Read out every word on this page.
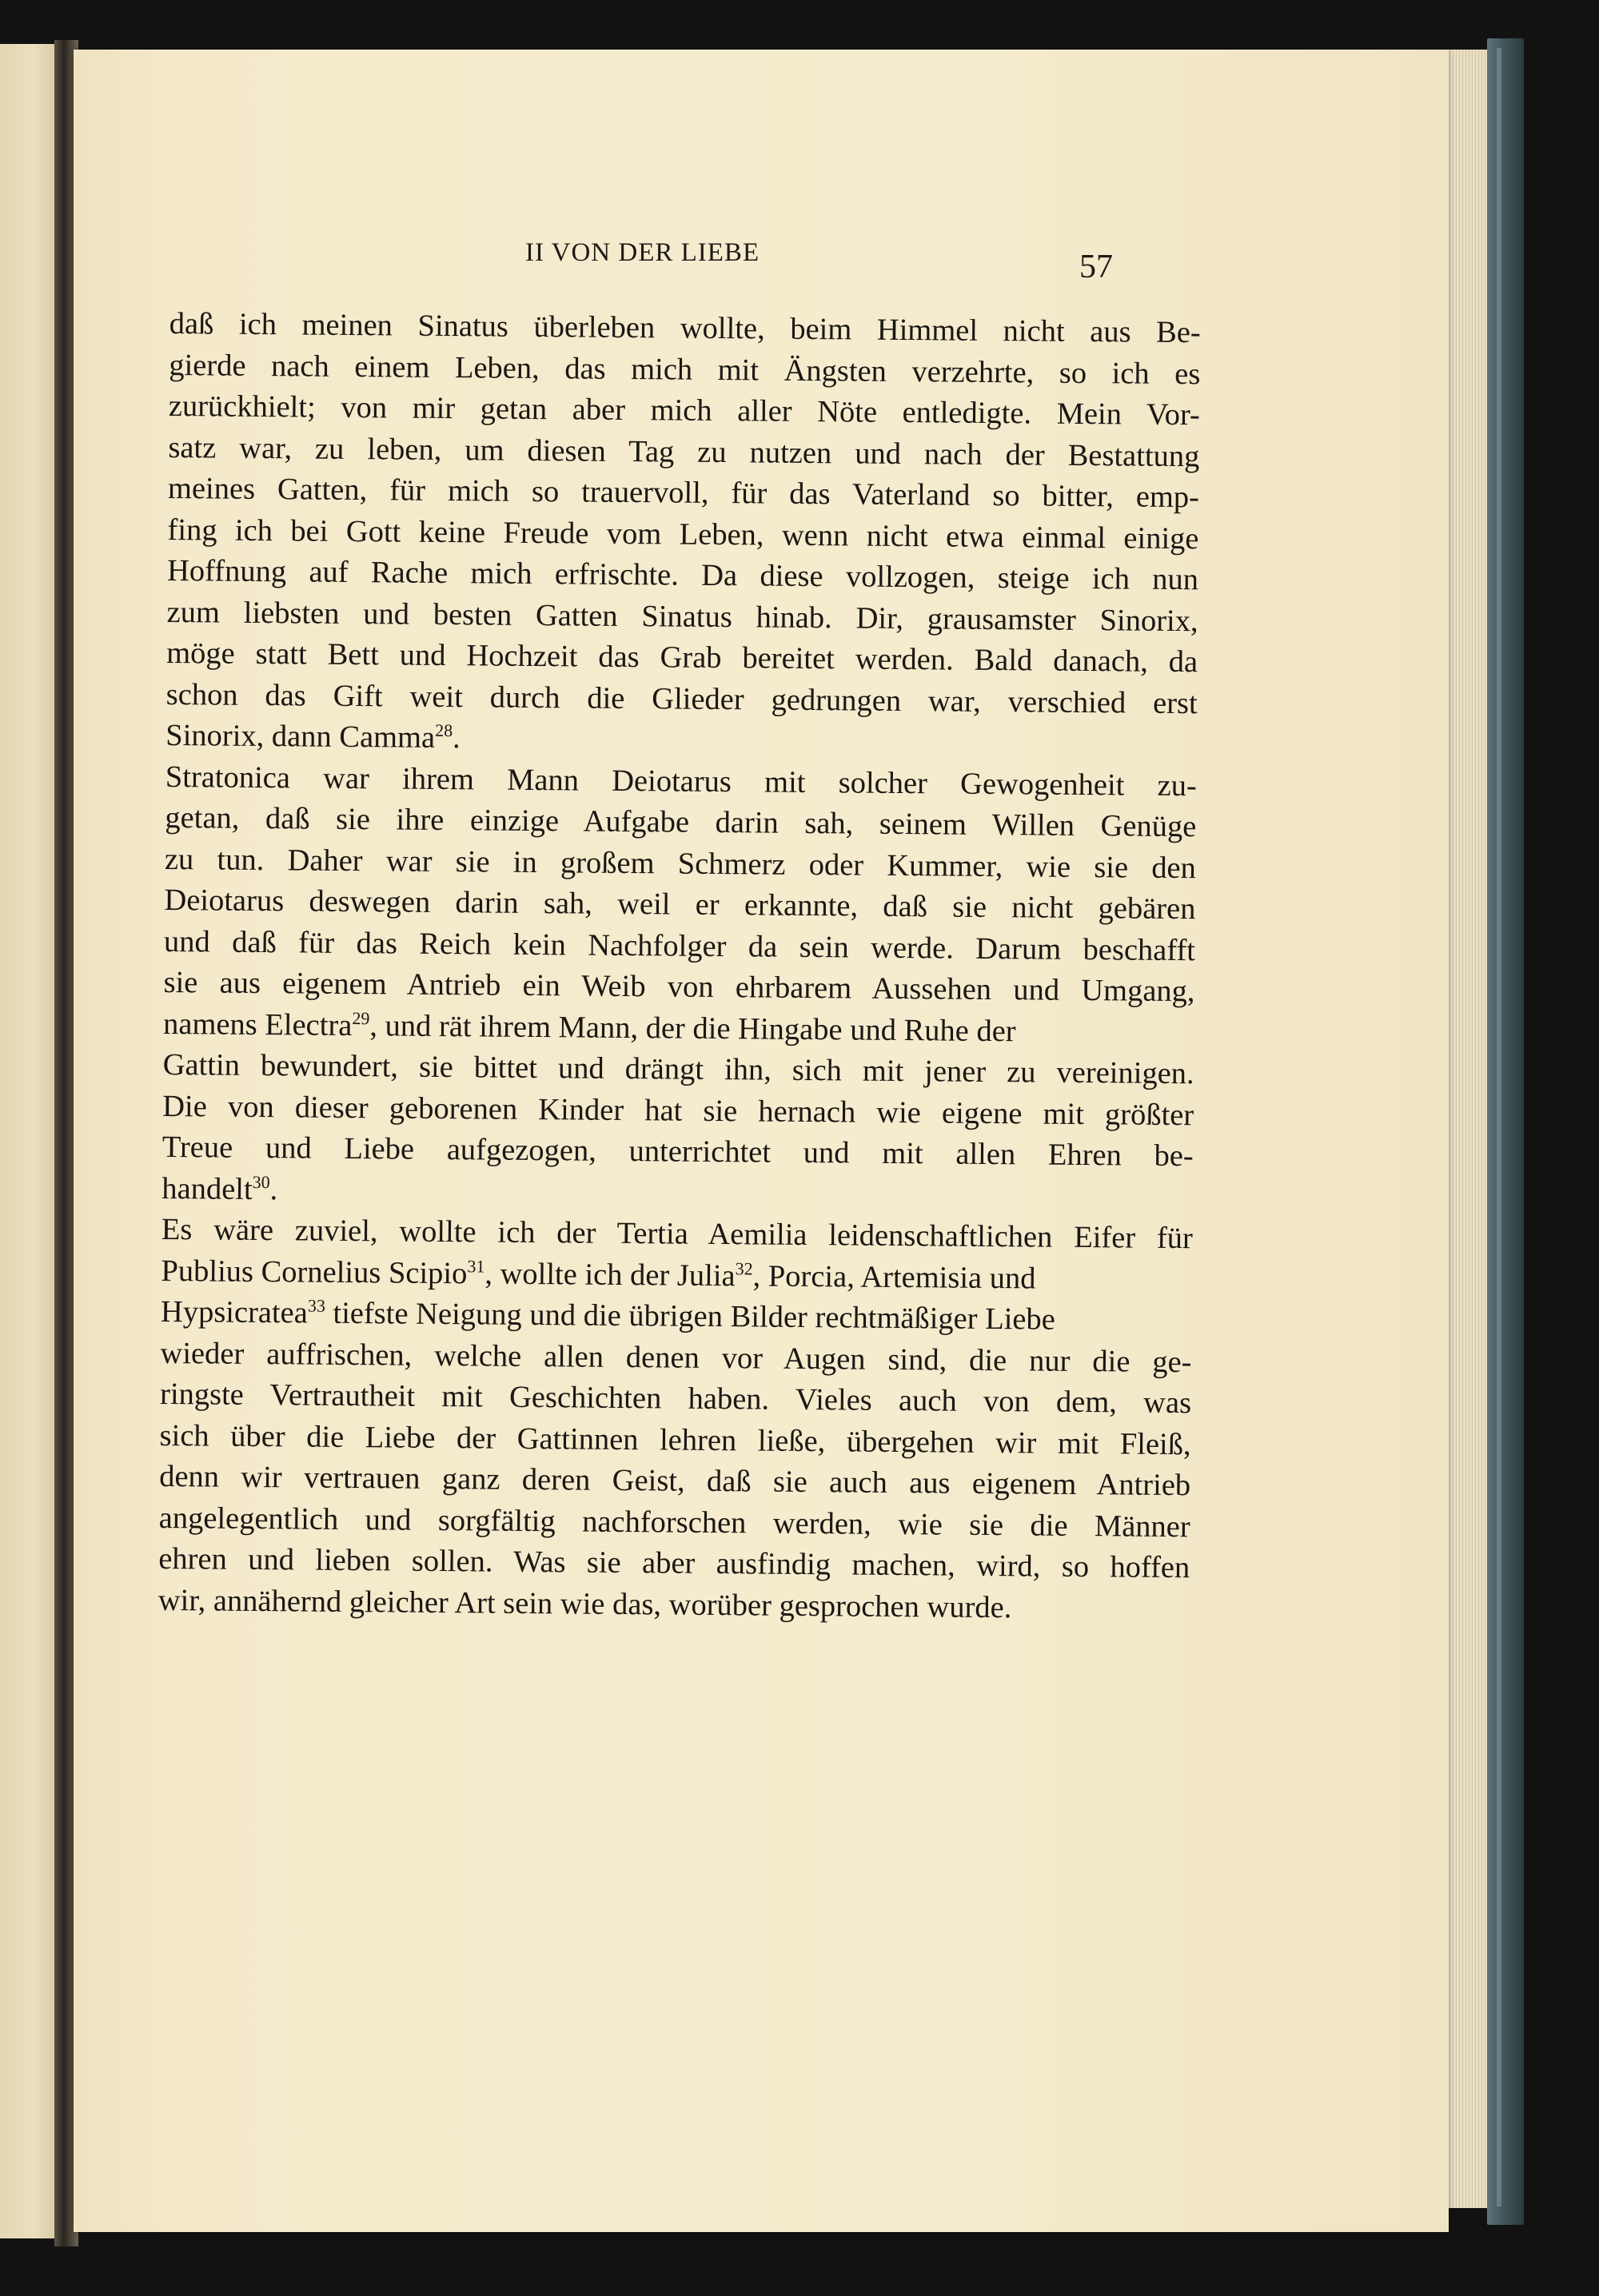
II VON DER LIEBE	57
daß ich meinen Sinatus überleben wollte, beim Himmel nicht aus Be-
gierde nach einem Leben, das mich mit Ängsten verzehrte, so ich es
zurückhielt; von mir getan aber mich aller Nöte entledigte. Mein Vor-
satz war, zu leben, um diesen Tag zu nutzen und nach der Bestattung
meines Gatten, für mich so trauervoll, für das Vaterland so bitter, emp-
fing ich bei Gott keine Freude vom Leben, wenn nicht etwa einmal einige
Hoffnung auf Rache mich erfrischte. Da diese vollzogen, steige ich nun
zum liebsten und besten Gatten Sinatus hinab. Dir, grausamster Sinorix,
möge statt Bett und Hochzeit das Grab bereitet werden. Bald danach, da
schon das Gift weit durch die Glieder gedrungen war, verschied erst
Sinorix, dann Camma$^{28}$.
Stratonica war ihrem Mann Deiotarus mit solcher Gewogenheit zu-
getan, daß sie ihre einzige Aufgabe darin sah, seinem Willen Genüge
zu tun. Daher war sie in großem Schmerz oder Kummer, wie sie den
Deiotarus deswegen darin sah, weil er erkannte, daß sie nicht gebären
und daß für das Reich kein Nachfolger da sein werde. Darum beschafft
sie aus eigenem Antrieb ein Weib von ehrbarem Aussehen und Umgang,
namens Electra$^{29}$, und rät ihrem Mann, der die Hingabe und Ruhe der
Gattin bewundert, sie bittet und drängt ihn, sich mit jener zu vereinigen.
Die von dieser geborenen Kinder hat sie hernach wie eigene mit größter
Treue und Liebe aufgezogen, unterrichtet und mit allen Ehren be-
handelt$^{30}$.
Es wäre zuviel, wollte ich der Tertia Aemilia leidenschaftlichen Eifer für
Publius Cornelius Scipio$^{31}$, wollte ich der Julia$^{32}$, Porcia, Artemisia und
Hypsicratea$^{33}$ tiefste Neigung und die übrigen Bilder rechtmäßiger Liebe
wieder auffrischen, welche allen denen vor Augen sind, die nur die ge-
ringste Vertrautheit mit Geschichten haben. Vieles auch von dem, was
sich über die Liebe der Gattinnen lehren ließe, übergehen wir mit Fleiß,
denn wir vertrauen ganz deren Geist, daß sie auch aus eigenem Antrieb
angelegentlich und sorgfältig nachforschen werden, wie sie die Männer
ehren und lieben sollen. Was sie aber ausfindig machen, wird, so hoffen
wir, annähernd gleicher Art sein wie das, worüber gesprochen wurde.
